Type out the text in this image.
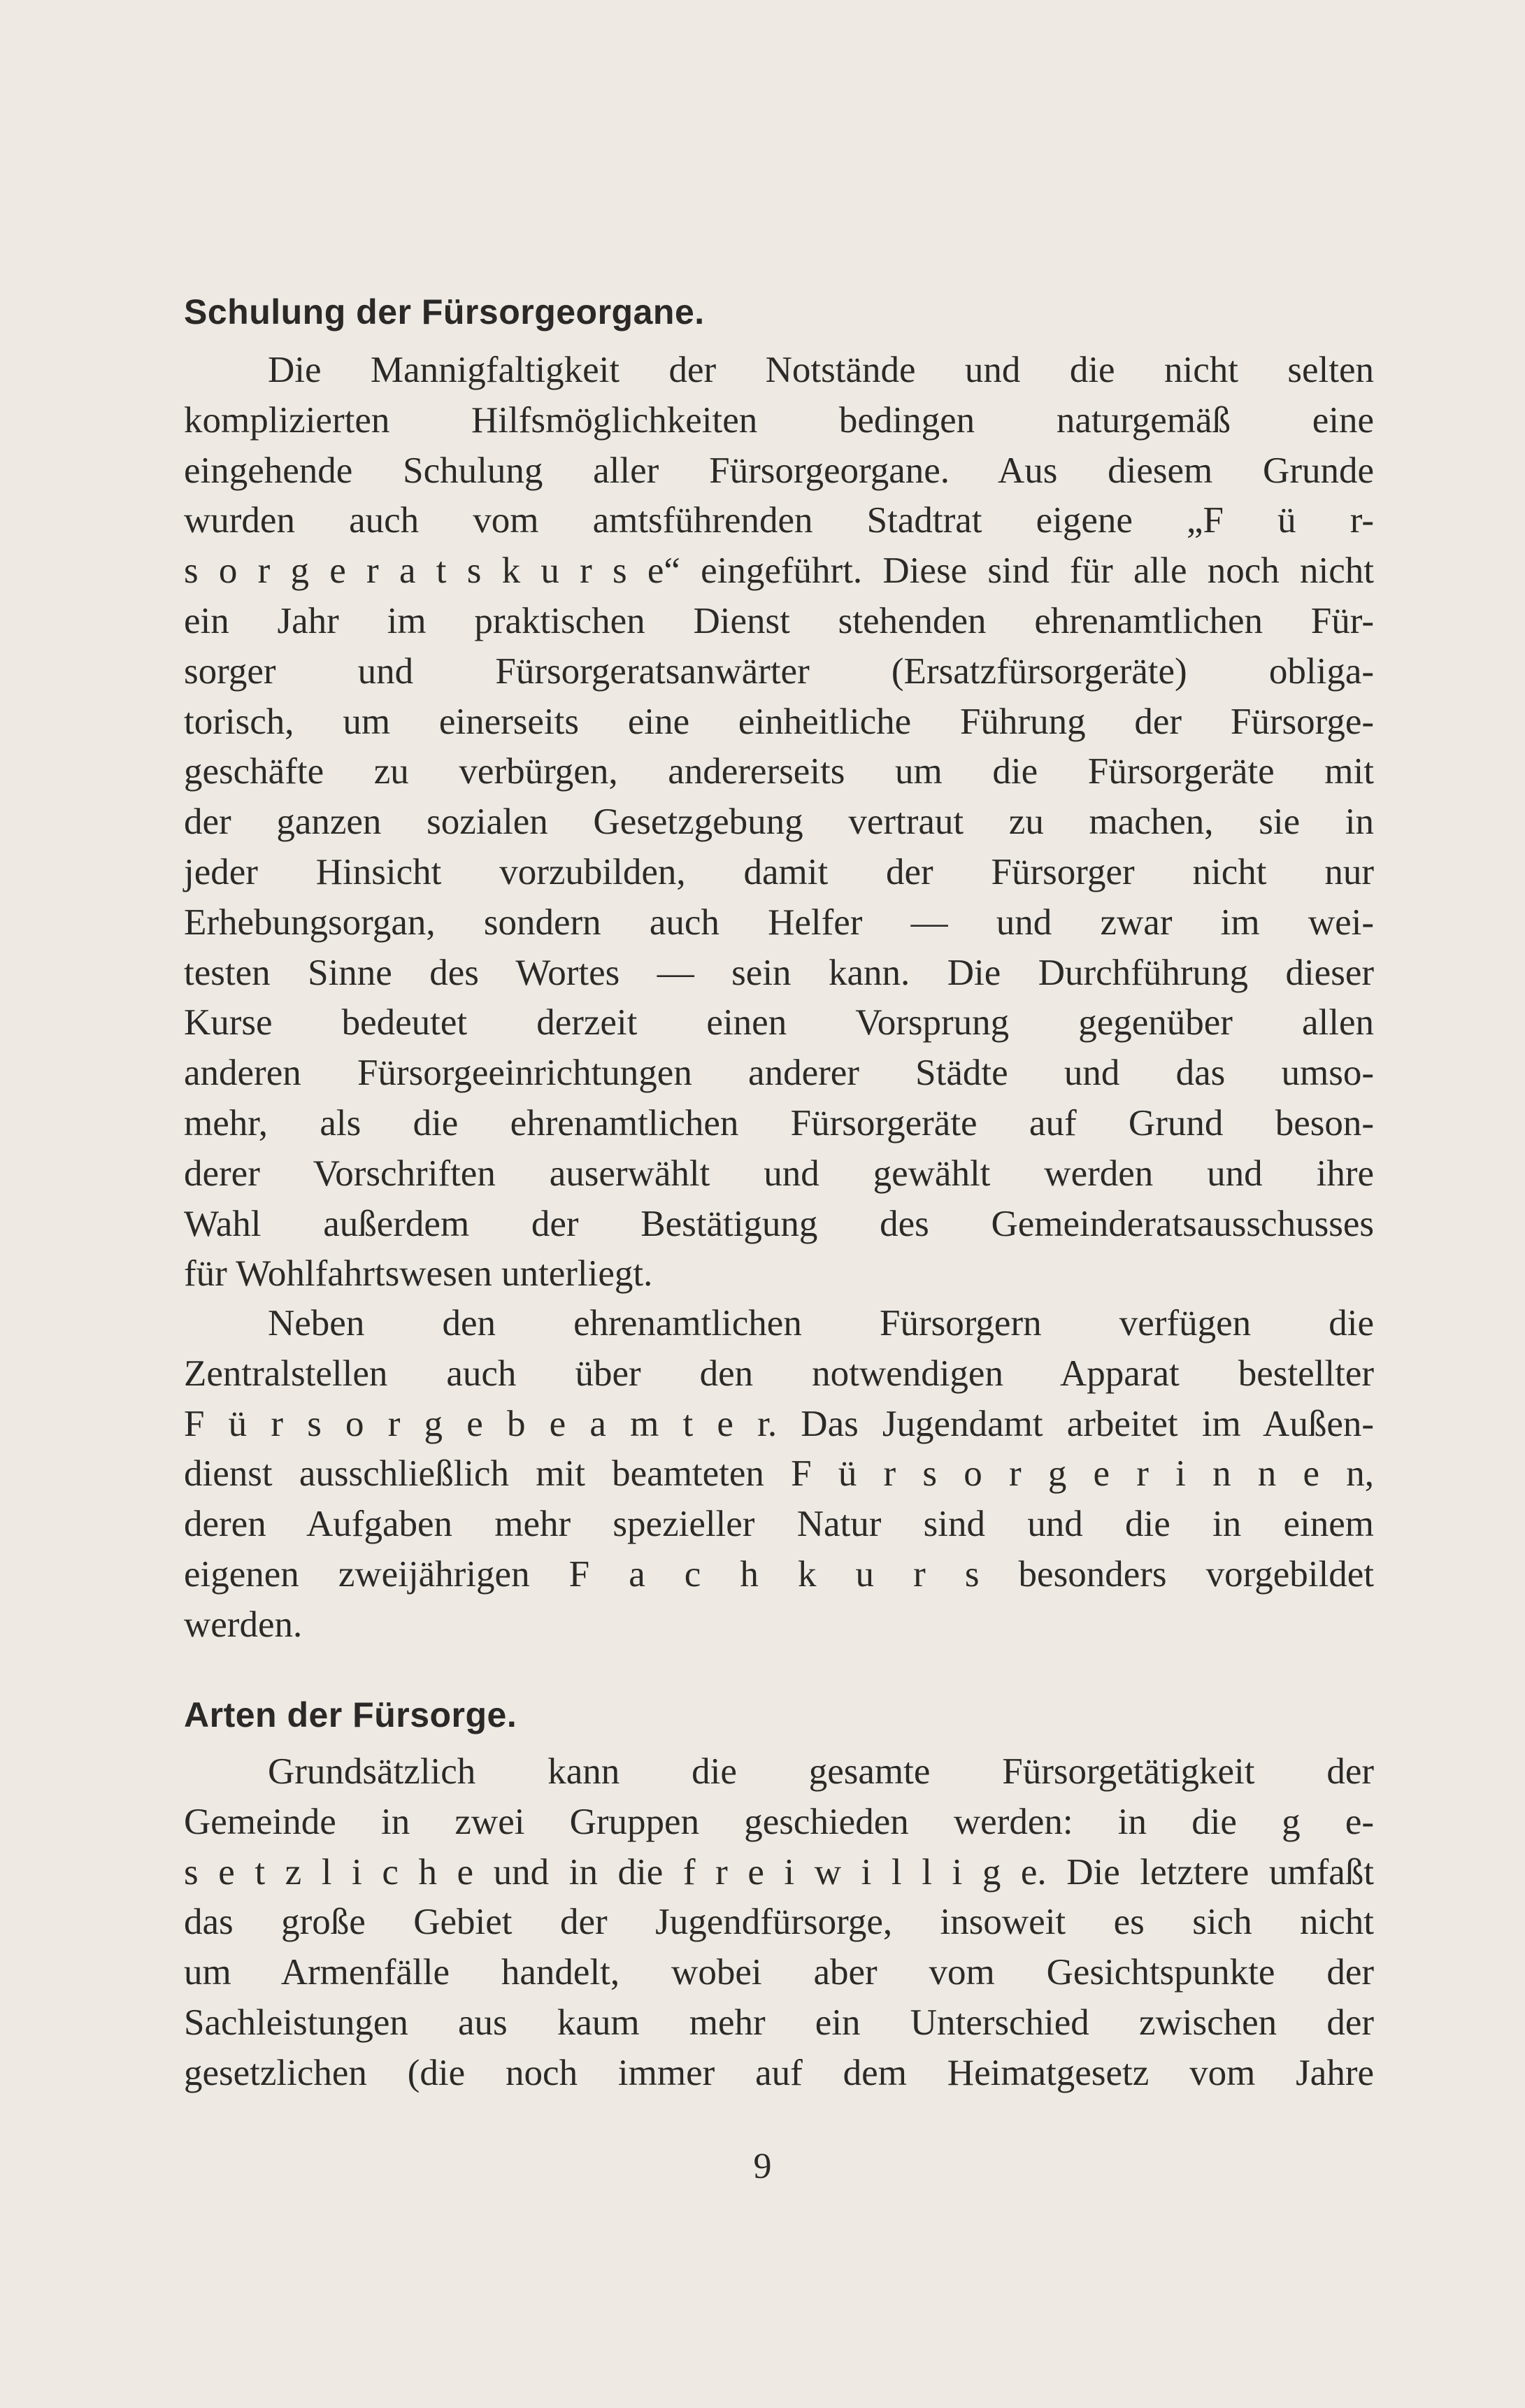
Schulung der Fürsorgeorgane.
Die Mannigfaltigkeit der Notstände und die nicht selten
komplizierten Hilfsmöglichkeiten bedingen naturgemäß eine
eingehende Schulung aller Fürsorgeorgane. Aus diesem Grunde
wurden auch vom amtsführenden Stadtrat eigene „F ü r-
s o r g e r a t s k u r s e“ eingeführt. Diese sind für alle noch nicht
ein Jahr im praktischen Dienst stehenden ehrenamtlichen Für-
sorger und Fürsorgeratsanwärter (Ersatzfürsorgeräte) obliga-
torisch, um einerseits eine einheitliche Führung der Fürsorge-
geschäfte zu verbürgen, andererseits um die Fürsorgeräte mit
der ganzen sozialen Gesetzgebung vertraut zu machen, sie in
jeder Hinsicht vorzubilden, damit der Fürsorger nicht nur
Erhebungsorgan, sondern auch Helfer — und zwar im wei-
testen Sinne des Wortes — sein kann. Die Durchführung dieser
Kurse bedeutet derzeit einen Vorsprung gegenüber allen
anderen Fürsorgeeinrichtungen anderer Städte und das umso-
mehr, als die ehrenamtlichen Fürsorgeräte auf Grund beson-
derer Vorschriften auserwählt und gewählt werden und ihre
Wahl außerdem der Bestätigung des Gemeinderatsausschusses
für Wohlfahrtswesen unterliegt.
Neben den ehrenamtlichen Fürsorgern verfügen die
Zentralstellen auch über den notwendigen Apparat bestellter
F ü r s o r g e b e a m t e r. Das Jugendamt arbeitet im Außen-
dienst ausschließlich mit beamteten F ü r s o r g e r i n n e n,
deren Aufgaben mehr spezieller Natur sind und die in einem
eigenen zweijährigen F a c h k u r s besonders vorgebildet
werden.
Arten der Fürsorge.
Grundsätzlich kann die gesamte Fürsorgetätigkeit der
Gemeinde in zwei Gruppen geschieden werden: in die g e-
s e t z l i c h e und in die f r e i w i l l i g e. Die letztere umfaßt
das große Gebiet der Jugendfürsorge, insoweit es sich nicht
um Armenfälle handelt, wobei aber vom Gesichtspunkte der
Sachleistungen aus kaum mehr ein Unterschied zwischen der
gesetzlichen (die noch immer auf dem Heimatgesetz vom Jahre
9
